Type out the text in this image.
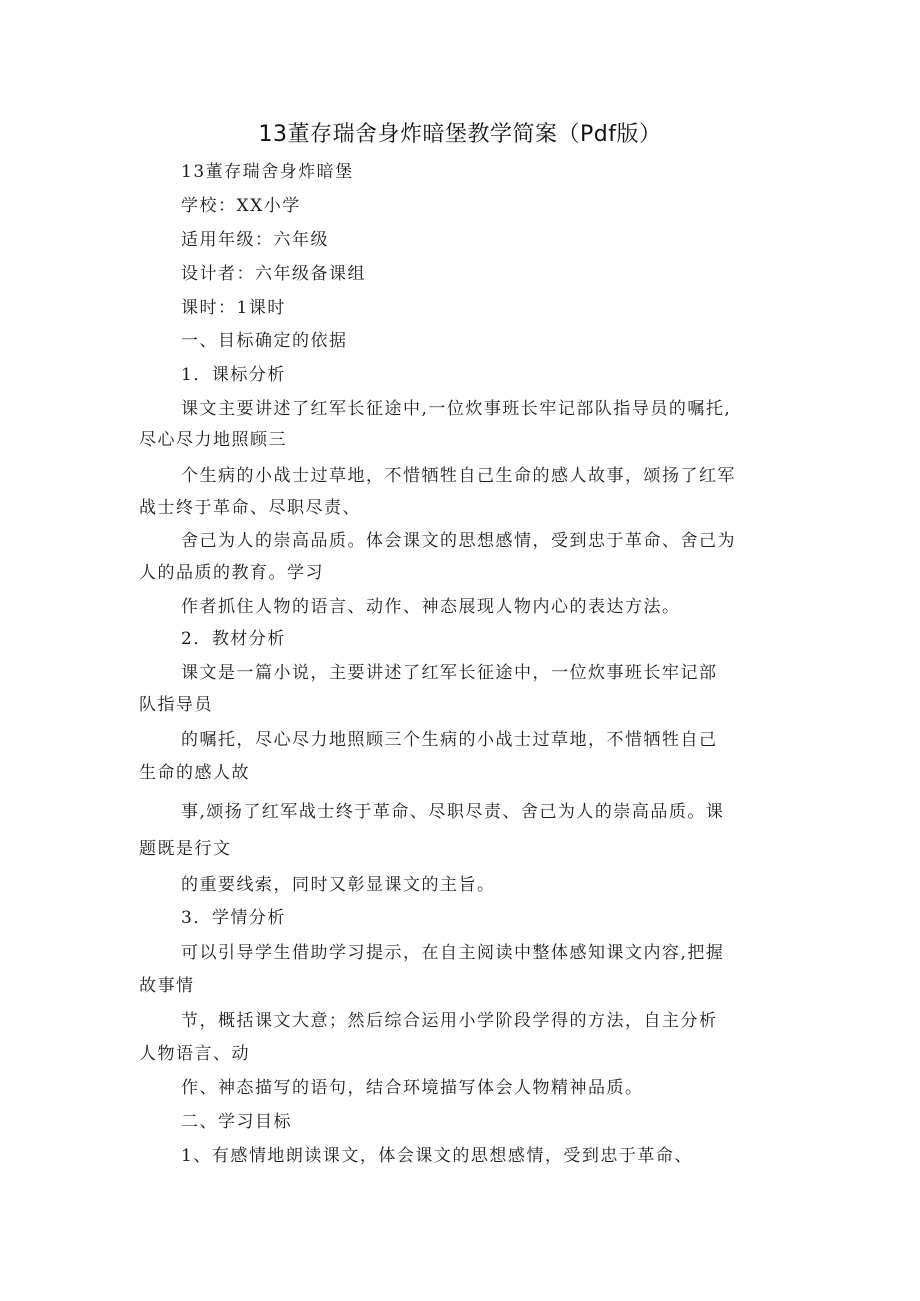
13董存瑞舍身炸暗堡教学简案（Pdf版）
13董存瑞舍身炸暗堡
学校：XX小学
适用年级：六年级
设计者：六年级备课组
课时：1课时
一、目标确定的依据
1．课标分析
课文主要讲述了红军长征途中,一位炊事班长牢记部队指导员的嘱托,
尽心尽力地照顾三
个生病的小战士过草地，不惜牺牲自己生命的感人故事，颂扬了红军
战士终于革命、尽职尽责、
舍己为人的崇高品质。体会课文的思想感情，受到忠于革命、舍己为
人的品质的教育。学习
作者抓住人物的语言、动作、神态展现人物内心的表达方法。
2．教材分析
课文是一篇小说，主要讲述了红军长征途中，一位炊事班长牢记部
队指导员
的嘱托，尽心尽力地照顾三个生病的小战士过草地，不惜牺牲自己
生命的感人故
事,颂扬了红军战士终于革命、尽职尽责、舍己为人的崇高品质。课
题既是行文
的重要线索，同时又彰显课文的主旨。
3．学情分析
可以引导学生借助学习提示，在自主阅读中整体感知课文内容,把握
故事情
节，概括课文大意；然后综合运用小学阶段学得的方法，自主分析
人物语言、动
作、神态描写的语句，结合环境描写体会人物精神品质。
二、学习目标
1、有感情地朗读课文，体会课文的思想感情，受到忠于革命、
